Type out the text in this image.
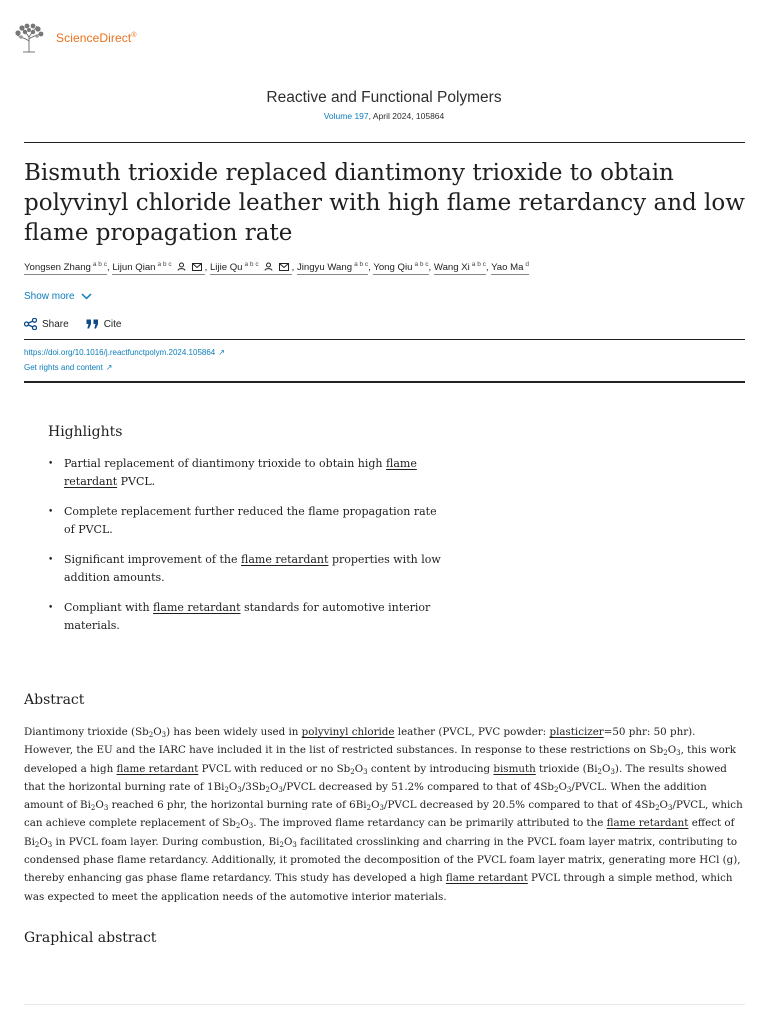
ScienceDirect®
Reactive and Functional Polymers
Volume 197, April 2024, 105864
Bismuth trioxide replaced diantimony trioxide to obtain polyvinyl chloride leather with high flame retardancy and low flame propagation rate
Yongsen Zhang $^{a b c}$, Lijun Qian $^{a b c}$	, Lijie Qu $^{a b c}$	, Jingyu Wang $^{a b c}$, Yong Qiu $^{a b c}$, Wang Xi $^{a b c}$, Yao Ma $^d$
Show more
Share	Cite
https://doi.org/10.1016/j.reactfunctpolym.2024.105864 ↗
Get rights and content ↗
Highlights
• Partial replacement of diantimony trioxide to obtain high flame retardant PVCL.
• Complete replacement further reduced the flame propagation rate of PVCL.
• Significant improvement of the flame retardant properties with low addition amounts.
• Compliant with flame retardant standards for automotive interior materials.
Abstract

Diantimony trioxide $(Sb_2O_3)$ has been widely used in polyvinyl chloride leather (PVCL, PVC powder: plasticizer=50 phr: 50 phr). However, the EU and the IARC have included it in the list of restricted substances. In response to these restrictions on $Sb_2O_3$, this work developed a high flame retardant PVCL with reduced or no $Sb_2O_3$ content by introducing bismuth trioxide $(Bi_2O_3)$. The results showed that the horizontal burning rate of $1Bi_2O_3/3Sb_2O_3$/PVCL decreased by 51.2% compared to that of $4Sb_2O_3$/PVCL. When the addition amount of $Bi_2O_3$ reached 6 phr, the horizontal burning rate of $6Bi_2O_3$/PVCL decreased by 20.5% compared to that of $4Sb_2O_3$/PVCL, which can achieve complete replacement of $Sb_2O_3$. The improved flame retardancy can be primarily attributed to the flame retardant effect of $Bi_2O_3$ in PVCL foam layer. During combustion, $Bi_2O_3$ facilitated crosslinking and charring in the PVCL foam layer matrix, contributing to condensed phase flame retardancy. Additionally, it promoted the decomposition of the PVCL foam layer matrix, generating more HCl (g), thereby enhancing gas phase flame retardancy. This study has developed a high flame retardant PVCL through a simple method, which was expected to meet the application needs of the automotive interior materials.

Graphical abstract
